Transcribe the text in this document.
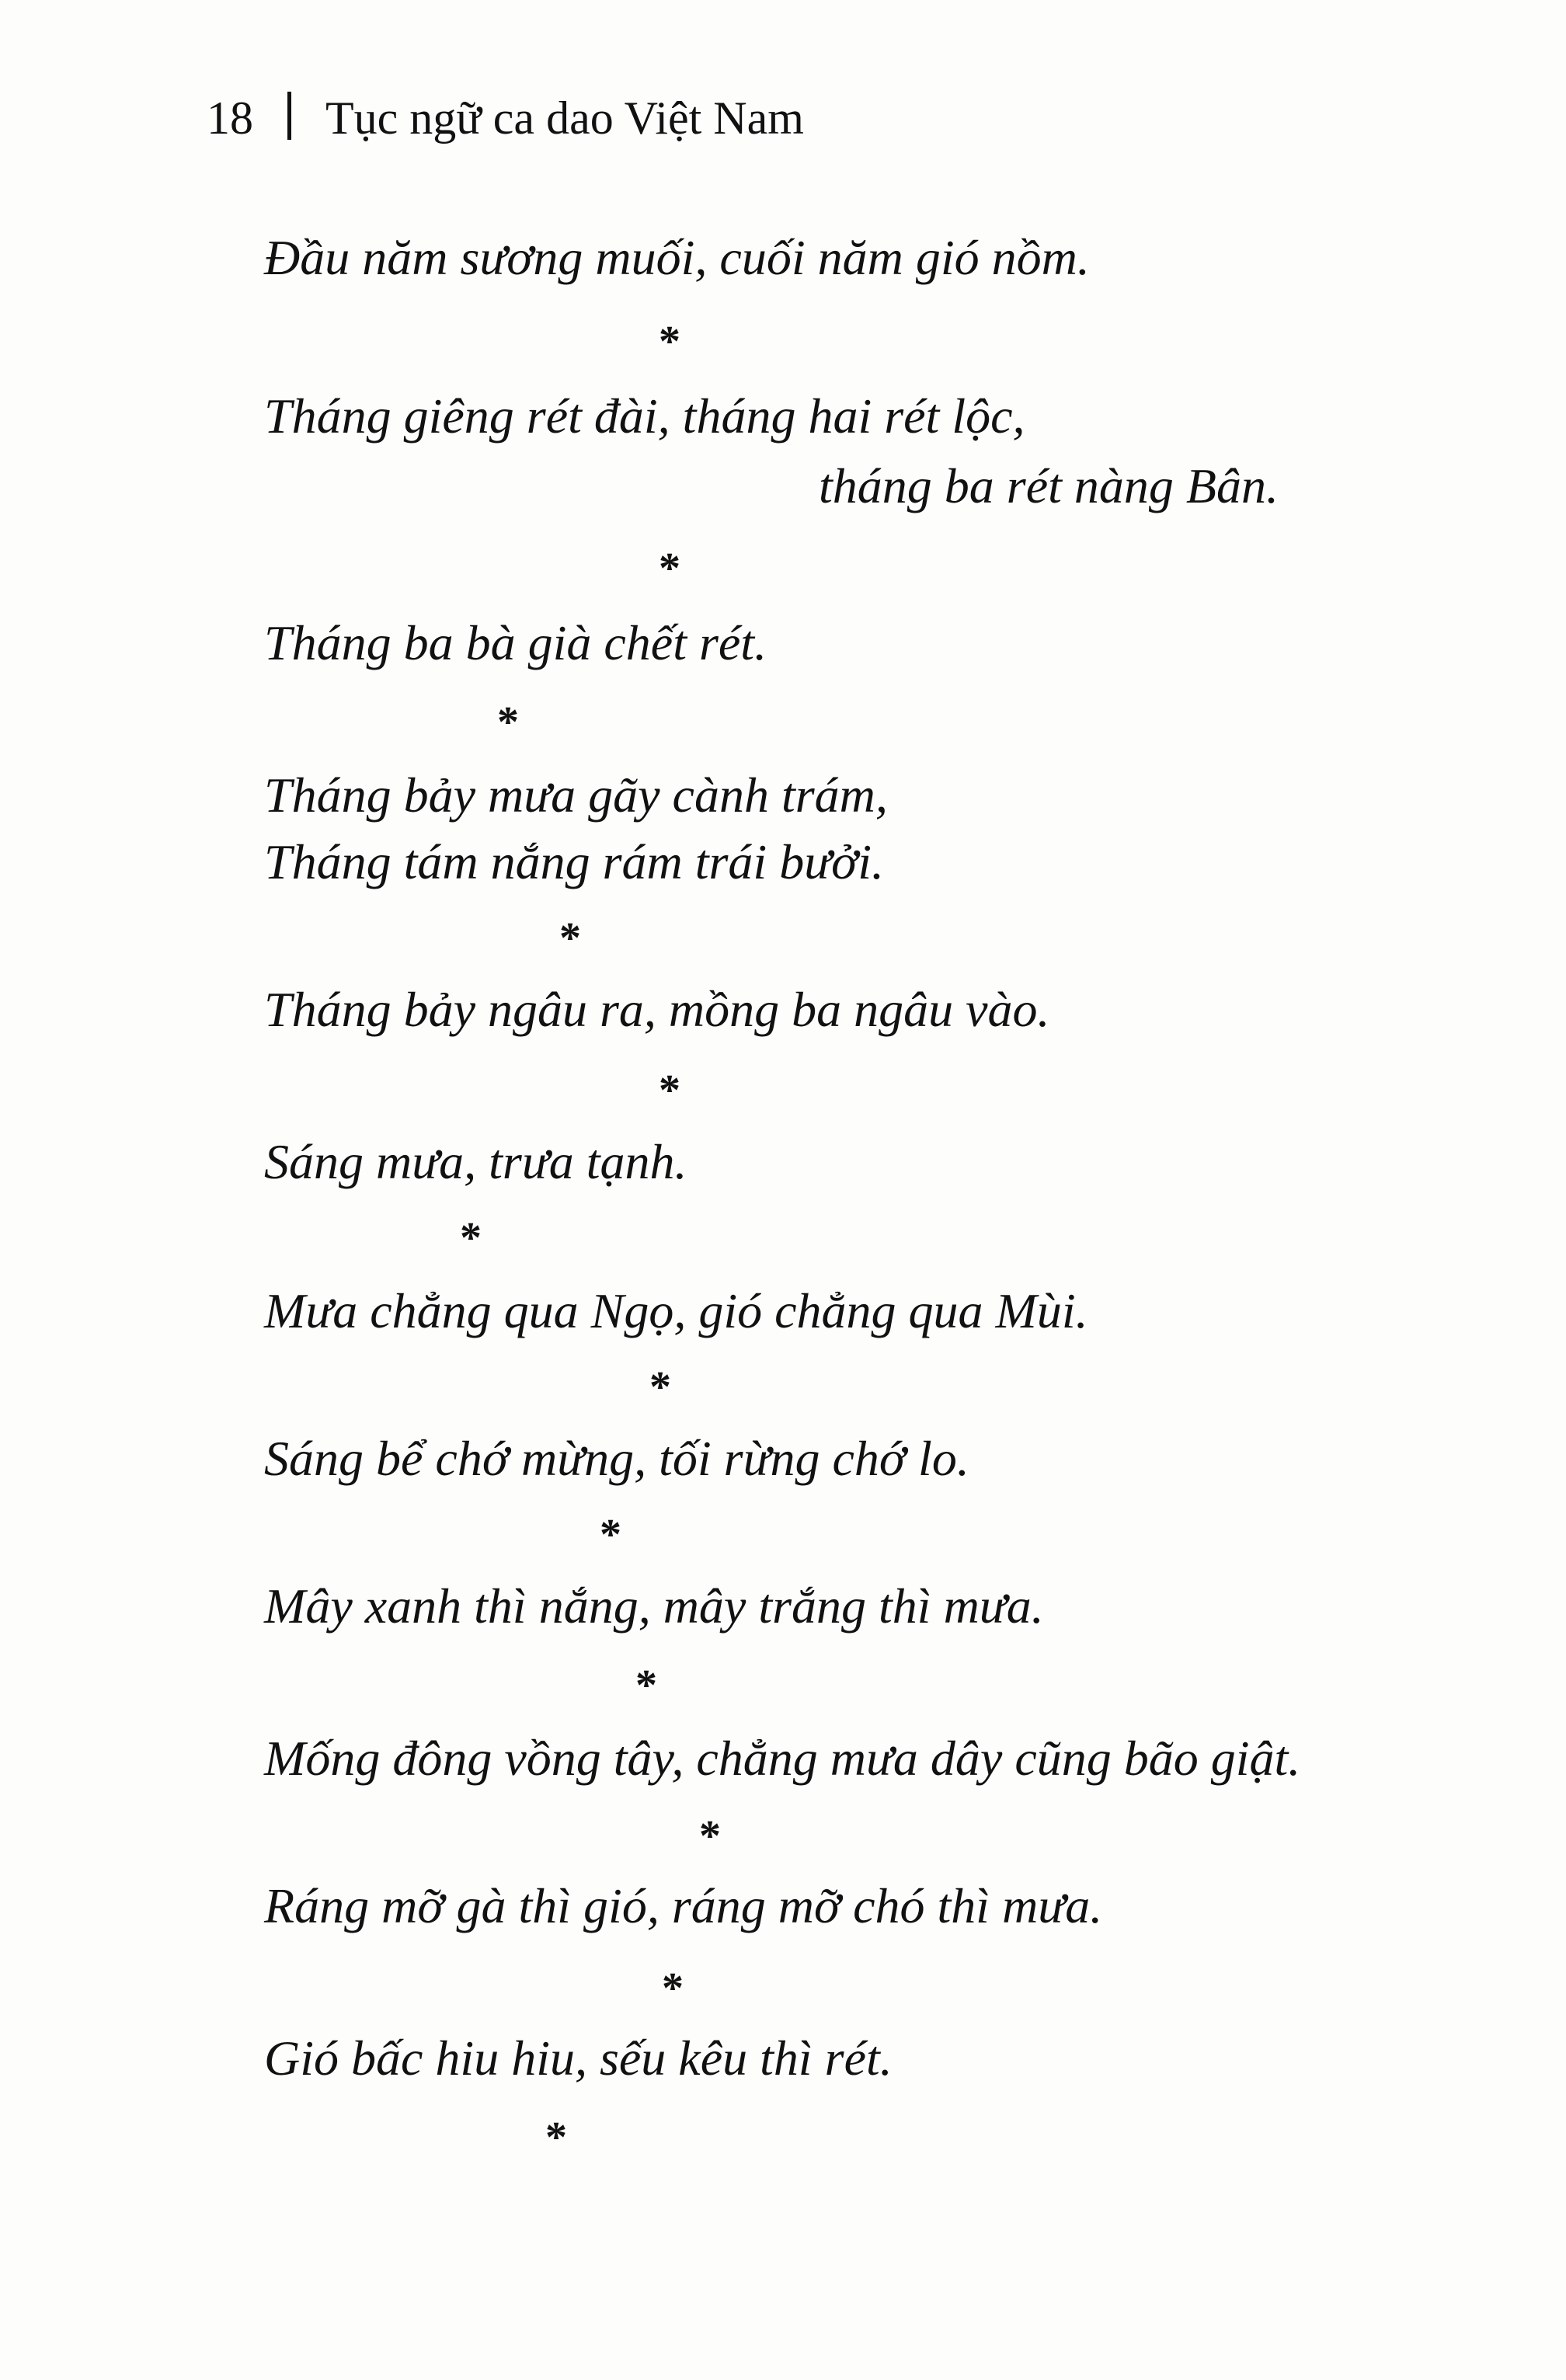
18 Tục ngữ ca dao Việt Nam
Đầu năm sương muối, cuối năm gió nồm.
*
Tháng giêng rét đài, tháng hai rét lộc,
tháng ba rét nàng Bân.
*
Tháng ba bà già chết rét.
*
Tháng bảy mưa gãy cành trám,
Tháng tám nắng rám trái bưởi.
*
Tháng bảy ngâu ra, mồng ba ngâu vào.
*
Sáng mưa, trưa tạnh.
*
Mưa chẳng qua Ngọ, gió chẳng qua Mùi.
*
Sáng bể chớ mừng, tối rừng chớ lo.
*
Mây xanh thì nắng, mây trắng thì mưa.
*
Mống đông vồng tây, chẳng mưa dây cũng bão giật.
*
Ráng mỡ gà thì gió, ráng mỡ chó thì mưa.
*
Gió bấc hiu hiu, sếu kêu thì rét.
*
